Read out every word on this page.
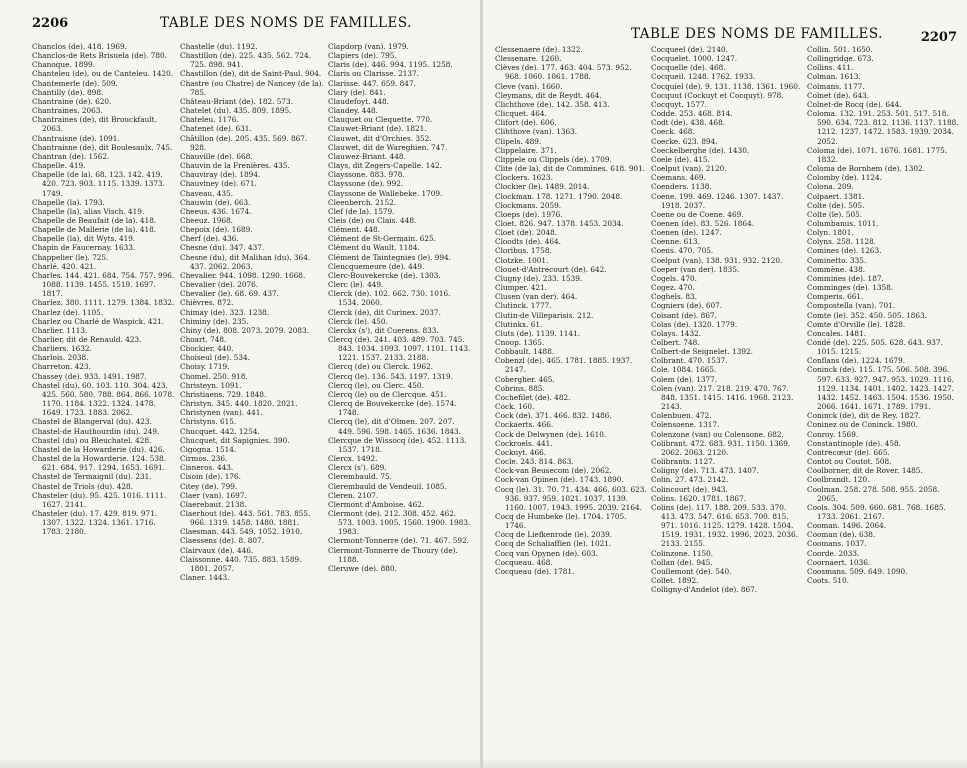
2206	TABLE DES NOMS DE FAMILLES.
Chanclos (de). 418. 1969.
Chanclos-de Rets Brisuela (de). 780.
Chanoque. 1899.
Chanteleu (de), ou de Canteleu. 1420.
Chantemerle (de). 509.
Chantilly (de). 898.
Chantraine (de). 620.
Chantraines. 2063.
Chantraines (de), dit Brouckfault. 2063.
Chantraisne (de). 1091.
Chantraisne (de), dit Boulesaulx. 745.
Chantran (de). 1562.
Chapelle. 419.
Chapelle (de la). 68. 123. 142. 419. 420. 723. 903. 1115. 1339. 1373. 1749.
Chapelle (la). 1793.
Chapelle (la), alias Visch. 419.
Chapelle de Beaufait (de la). 418.
Chapelle de Mallerie (de la). 418.
Chapelle (la), dit Wyts. 419.
Chapin de Faucernay. 1633.
Chappelier (le). 725.
Charlé. 420. 421.
Charles. 144. 421. 684. 754. 757. 996. 1088. 1139. 1455. 1519. 1697. 1817.
Charlez. 380. 1111. 1279. 1384. 1832.
Charlez (de). 1105.
Charlez ou Charlé de Waspick. 421.
Charlier. 1113.
Charlier, dit de Renauld. 423.
Charliers. 1632.
Charlois. 2038.
Charreton. 423.
Chassey (de). 933. 1491. 1987.
Chastel (du). 60. 103. 110. 304. 423. 425. 560. 580. 788. 864. 866. 1078. 1170. 1184. 1322. 1324. 1478. 1649. 1723. 1883. 2062.
Chastel de Blangerval (du). 423.
Chastel-de Hauthourdin (du). 249.
Chastel (du) ou Bleuchatel. 428.
Chastel de la Howarderie (du). 426.
Chastel de la Howarderie. 124. 538. 621. 684. 917. 1294. 1653. 1691.
Chastel de Termaignil (du). 231.
Chastel de Triols (du). 428.
Chasteler (du). 95. 425. 1016. 1111. 1627. 2141.
Chasteler (du). 17. 429. 819. 971. 1307. 1322. 1324. 1361. 1716. 1783. 2180.
Chastelle (du). 1192.
Chastillon (de). 225. 435. 562. 724. 725. 898. 941.
Chastillon (de), dit de Saint-Paul. 904.
Chastre (ou Chatre) de Nancey (de la). 785.
Château-Briant (de). 182. 573.
Chatelet (du). 435. 809. 1895.
Chateleu. 1176.
Chatenet (de). 631.
Châtillon (de). 205. 435. 569. 867. 928.
Chauville (de). 668.
Chauvin de la Frenières. 435.
Chauviray (de). 1894.
Chauviney (de). 671.
Chaveau. 435.
Chauwin (de). 663.
Cheeus. 436. 1674.
Cheeuz. 1968.
Chepoix (de). 1689.
Cherf (de). 436.
Chesne (du). 347. 437.
Chesne (du), dit Malihan (du). 364. 437. 2062. 2063.
Chevalier. 944. 1098. 1290. 1668.
Chevalier (de). 2076.
Chevalier (le). 68. 69. 437.
Chièvres. 872.
Chimay (de). 323. 1238.
Chiminy (de). 235.
Chiny (de). 808. 2073. 2079. 2083.
Choart. 748.
Chockier. 440.
Choiseul (de). 534.
Choisy. 1719.
Chomel. 250. 918.
Christeyn. 1091.
Christiaens. 729. 1848.
Christyn. 345. 440. 1820. 2021.
Christynen (van). 441.
Christyns. 615.
Chucquet. 442. 1254.
Chucquet, dit Sapignies. 390.
Cigogna. 1514.
Cirmos. 236.
Cisneros. 443.
Cisoin (de). 176.
Citey (de). 799.
Claer (van). 1697.
Claerebaut. 2138.
Claerhout (de). 443. 561. 783. 855. 966. 1319. 1458. 1480. 1881.
Claesman. 443. 549. 1052. 1910.
Claessens (de). 8. 807.
Clairvaux (de). 446.
Claissonne. 440. 735. 883. 1589. 1801. 2057.
Claner. 1443.
Clapdorp (van). 1979.
Clapiers (de). 795.
Claris (de). 446. 994. 1195. 1258.
Claris ou Clarisse. 2137.
Clarisse. 447. 659. 847.
Clary (de). 841.
Claudefoyt. 448.
Claudey. 448.
Clauquet ou Clequette. 770.
Clauwet-Briant (de). 1821.
Clauwet, dit d'Orchies. 352.
Clauwet, dit de Wareghien. 747.
Clauwez-Briant. 448.
Clays, dit Zegers-Capelle. 142.
Clayssone. 883. 978.
Clayssone (de). 992.
Clayssone de Wallebeke. 1709.
Cleenberch. 2152.
Clef (de la). 1579.
Cleis (de) ou Clais. 448.
Clément. 448.
Clément de St-Germain. 625.
Clément du Wault. 1184.
Clément de Taintegnies (le). 994.
Clencquemeure (de). 449.
Clerc-Bouvekercke (de). 1303.
Clerc (le). 449.
Clerck (de). 102. 662. 730. 1016. 1534. 2060.
Clerck (de), dit Curinex. 2037.
Clerck (le). 450.
Clerckx (s'), dit Cuerens. 833.
Clercq (de). 241. 403. 489. 703. 745. 843. 1034. 1093. 1097. 1101. 1143. 1221. 1537. 2133. 2188.
Clercq (de) ou Clerck. 1962.
Clercq (le). 136. 543. 1197. 1319.
Clercq (le), ou Clerc. 450.
Clercq (le) ou de Clercque. 451.
Clercq de Bouvekercke (de). 1574. 1748.
Clercq (le), dit d'Olmen. 207. 207. 449. 596. 598. 1465. 1636. 1843.
Clercque de Wissocq (de). 452. 1113. 1537. 1718.
Clercx. 1492.
Clercx (s'). 689.
Clerembauld. 75.
Clerembauld de Vendeuil. 1085.
Cleren. 2107.
Clermont d'Amboise. 462.
Clermont (de). 212. 308. 452. 462. 573. 1003. 1005. 1560. 1900. 1983. 1983.
Clermont-Tonnerre (de). 71. 467. 592.
Clermont-Tonnerre de Thoury (de). 1188.
Cleruwe (de). 880.
TABLE DES NOMS DE FAMILLES.	2207
Clessenaere (de). 1322.
Clessenare. 1260.
Clèves (de). 177. 463. 404. 573. 952. 968. 1060. 1061. 1788.
Cleve (van). 1660.
Cleymans, dit de Reydt. 464.
Clichthove (de). 142. 358. 413.
Clicquet. 464.
Clifort (de). 606.
Clihthove (van). 1363.
Clipels. 489.
Clippelaire. 371.
Clippele ou Clippels (de). 1709.
Clite (de la), dit de Commines. 618. 901.
Clockers. 1623.
Clockier (le). 1489. 2014.
Clockman. 178. 1271. 1790. 2048.
Clockmans. 2059.
Cloeps (de). 1976.
Cloet. 826. 947. 1378. 1453. 2034.
Cloet (de). 2048.
Cloodts (de). 464.
Cloribus. 1758.
Clotzke. 1001.
Clouet-d'Antrecourt (de). 642.
Clugny (de). 233. 1539.
Clumper. 421.
Clusen (van der). 464.
Clutinck. 1777.
Clutin-de Villeparisis. 212.
Clutinkx. 61.
Cluts (de). 1139. 1141.
Cnoop. 1365.
Cobbault. 1488.
Cobenzl (de). 465. 1781. 1885. 1937. 2147.
Cobergher. 465.
Cobrins. 885.
Cochefilet (de). 482.
Cock. 160.
Cock (de). 371. 466. 832. 1486.
Cockaerts. 466.
Cock de Delwynen (de). 1610.
Cockroels. 441.
Cockuyt. 466.
Cocle. 243. 814. 863.
Cock-van Beusecom (de). 2062.
Cock-van Opinen (de). 1743. 1890.
Cocq (le). 31. 70. 71. 434. 466. 603. 623. 936. 937. 959. 1021. 1037. 1139. 1160. 1007. 1943. 1995. 2039. 2164.
Cocq de Humbeke (le). 1704. 1705. 1746.
Cocq de Liefkenrode (le). 2039.
Cocq de Schaliaffien (le). 1021.
Cocq van Opynen (de). 603.
Cocqueau. 468.
Cocqueau (de). 1781.
Cocqueel (de). 2140.
Cocquelet. 1000. 1247.
Cocquelle (de). 468.
Cocqueil. 1248. 1762. 1933.
Cocquiel (de). 9. 131. 1138. 1361. 1960.
Cocquut (Cockuyt et Cocquyt). 978.
Cocquyt. 1577.
Codde. 253. 468. 814.
Codt (de). 438. 468.
Coeck. 468.
Coecke. 623. 894.
Coeckelberghe (de). 1430.
Coele (de). 415.
Coelput (van). 2120.
Coemans. 469.
Coenders. 1138.
Coene. 199. 469. 1246. 1307. 1437. 1918. 2037.
Coene ou de Coene. 469.
Coenen (de). 83. 526. 1864.
Coenen (de). 1247.
Coenne. 613.
Coens. 470. 705.
Coelput (van). 138. 931. 932. 2120.
Coeper (van der). 1835.
Cogels. 470.
Cogez. 470.
Coghels. 83.
Cogniers (de). 607.
Coisant (de). 867.
Colas (de). 1320. 1779.
Colays. 1432.
Colbert. 748.
Colbert-de Seignelet. 1392.
Colbrant. 470. 1537.
Cole. 1084. 1665.
Colem (de). 1377.
Colen (van). 217. 218. 219. 470. 767. 848. 1351. 1415. 1416. 1968. 2123. 2143.
Colenbuen. 472.
Colensoene. 1317.
Colenzone (van) ou Colensone. 682.
Colibrant. 472. 683. 931. 1150. 1369. 2062. 2063. 2120.
Colibrants. 1127.
Coligny (de). 713. 473. 1407.
Colin. 27. 473. 2142.
Colincourt (de). 943.
Colins. 1620. 1781. 1867.
Colins (de). 117. 188. 209. 533. 370. 413. 473. 547. 616. 653. 700. 815. 971. 1016. 1125. 1279. 1428. 1504. 1519. 1931. 1932. 1996. 2023. 2036. 2133. 2155.
Colinzone. 1150.
Collan (de). 945.
Coullemont (de). 540.
Collet. 1892.
Colligny-d'Andelot (de). 867.
Collin. 501. 1650.
Collingridge. 673.
Collins. 411.
Colman. 1613.
Colmans. 1177.
Colnet (de). 643.
Colnet-de Rocq (de). 644.
Coloma. 132. 191. 253. 501. 517. 518. 590. 634. 723. 812. 1136. 1137. 1188. 1212. 1237. 1472. 1583. 1939. 2034. 2052.
Coloma (de). 1071. 1676. 1681. 1775. 1832.
Coloma de Bornhem (de). 1302.
Colomby (de). 1124.
Colona. 209.
Colpaert. 1381.
Colte (de). 505.
Colte (le). 505.
Columbanus. 1011.
Colyn. 1801.
Colyns. 258. 1128.
Comines (de). 1263.
Cominetto. 335.
Commène. 438.
Commines (de). 187.
Comminges (de). 1358.
Comperis. 661.
Compostella (van). 701.
Comte (le). 352. 450. 505. 1863.
Comte d'Orville (le). 1828.
Concales. 1481.
Condé (de). 225. 505. 628. 643. 937. 1015. 1215.
Conflans (de). 1224. 1679.
Coninck (de). 115. 175. 506. 508. 396. 597. 633. 927. 947. 953. 1029. 1116. 1129. 1134. 1401. 1402. 1423. 1427. 1432. 1452. 1463. 1504. 1536. 1950. 2066. 1641. 1671. 1789. 1791.
Coninck (de), dit de Rey. 1827.
Coninez ou de Coninck. 1980.
Conroy. 1569.
Constantinople (de). 458.
Contrecœur (de). 665.
Contot ou Coutot. 508.
Coolborner, dit de Rover. 1485.
Coolbrandt. 120.
Coolman. 258. 278. 508. 955. 2058. 2065.
Cools. 304. 509. 660. 681. 768. 1685. 1733. 2061. 2167.
Cooman. 1496. 2064.
Cooman (de). 638.
Coomans. 1037.
Coorde. 2033.
Coornaert. 1036.
Coosmans. 509. 649. 1090.
Coots. 510.
